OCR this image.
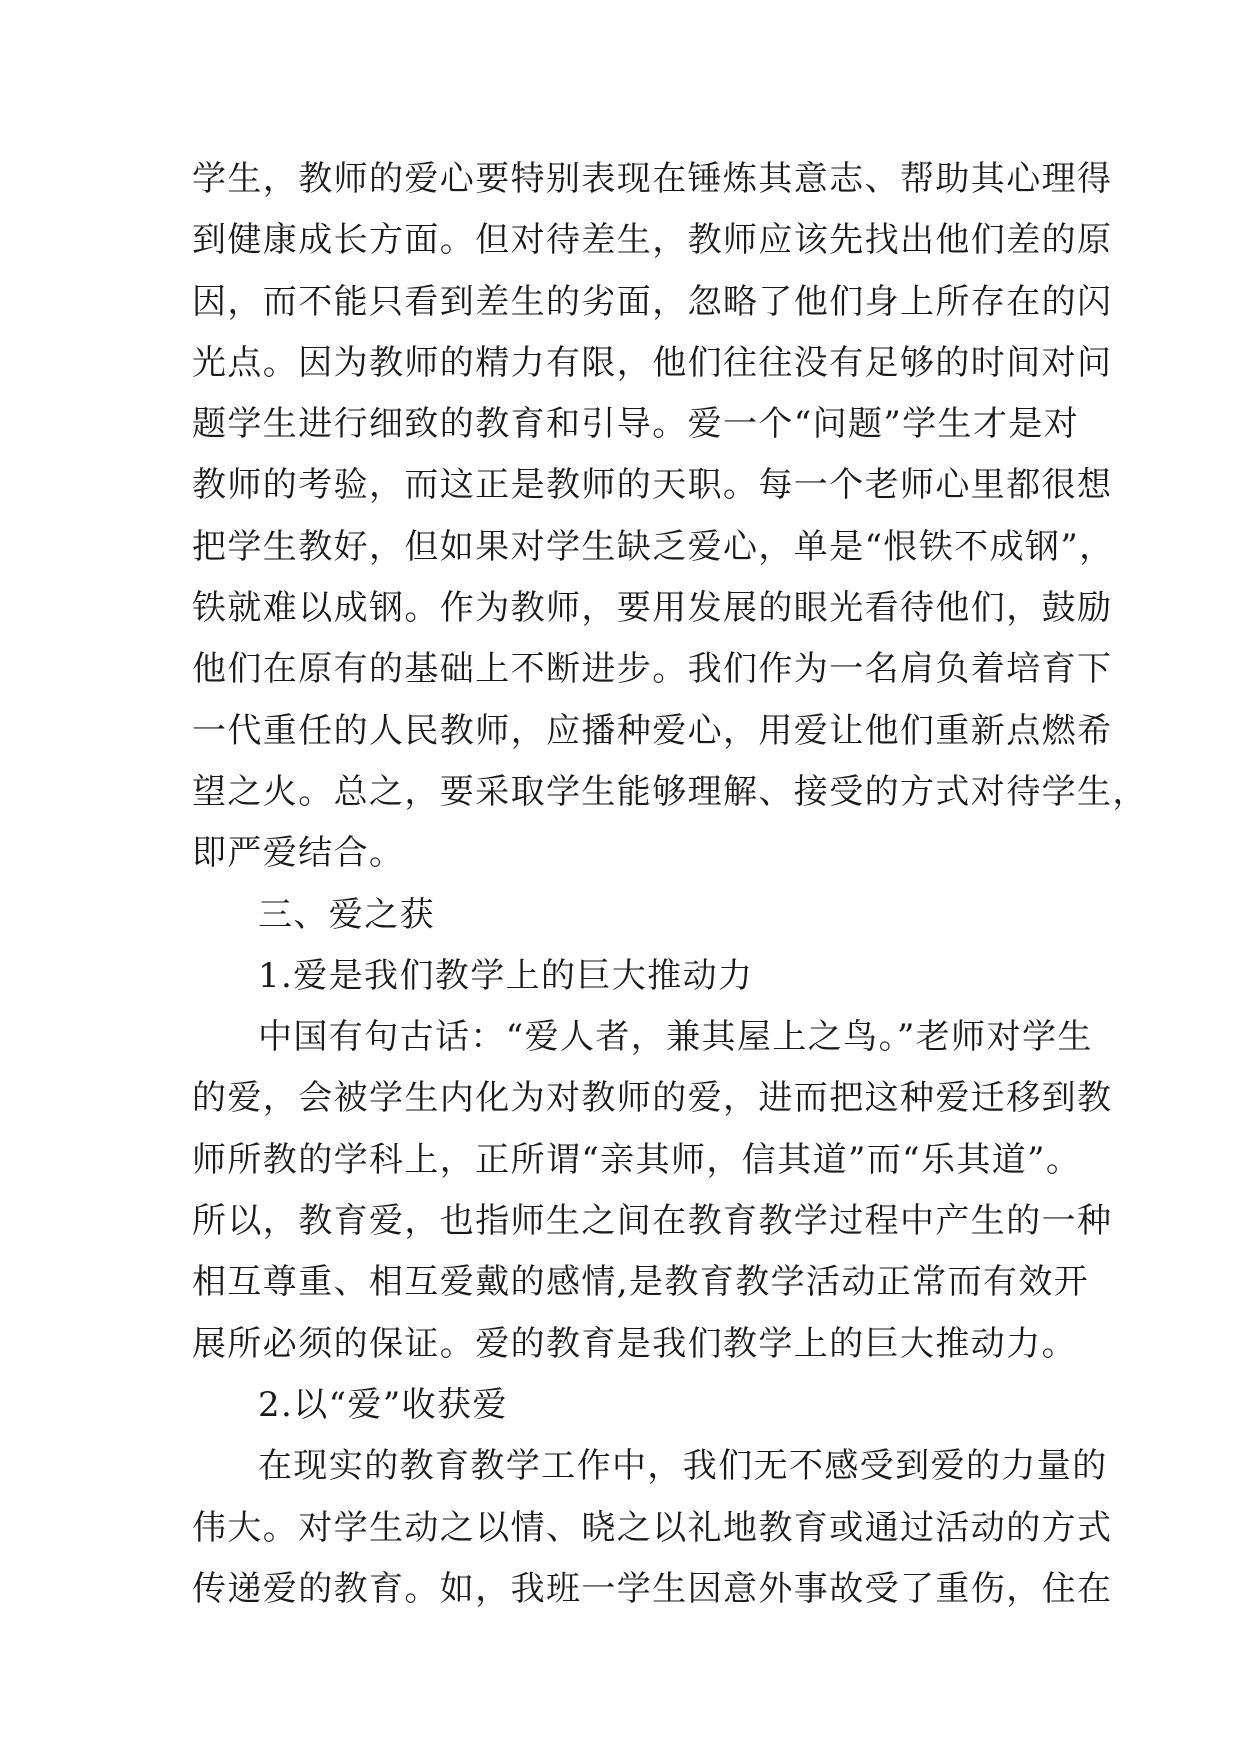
学生，教师的爱心要特别表现在锤炼其意志、帮助其心理得
到健康成长方面。但对待差生，教师应该先找出他们差的原
因，而不能只看到差生的劣面，忽略了他们身上所存在的闪
光点。因为教师的精力有限，他们往往没有足够的时间对问
题学生进行细致的教育和引导。爱一个“问题”学生才是对
教师的考验，而这正是教师的天职。每一个老师心里都很想
把学生教好，但如果对学生缺乏爱心，单是“恨铁不成钢”，
铁就难以成钢。作为教师，要用发展的眼光看待他们，鼓励
他们在原有的基础上不断进步。我们作为一名肩负着培育下
一代重任的人民教师，应播种爱心，用爱让他们重新点燃希
望之火。总之，要采取学生能够理解、接受的方式对待学生，
即严爱结合。
三、爱之获
1.爱是我们教学上的巨大推动力
中国有句古话：“爱人者，兼其屋上之鸟。”老师对学生
的爱，会被学生内化为对教师的爱，进而把这种爱迁移到教
师所教的学科上，正所谓“亲其师，信其道”而“乐其道”。
所以，教育爱，也指师生之间在教育教学过程中产生的一种
相互尊重、相互爱戴的感情,是教育教学活动正常而有效开
展所必须的保证。爱的教育是我们教学上的巨大推动力。
2.以“爱”收获爱
在现实的教育教学工作中，我们无不感受到爱的力量的
伟大。对学生动之以情、晓之以礼地教育或通过活动的方式
传递爱的教育。如，我班一学生因意外事故受了重伤，住在
